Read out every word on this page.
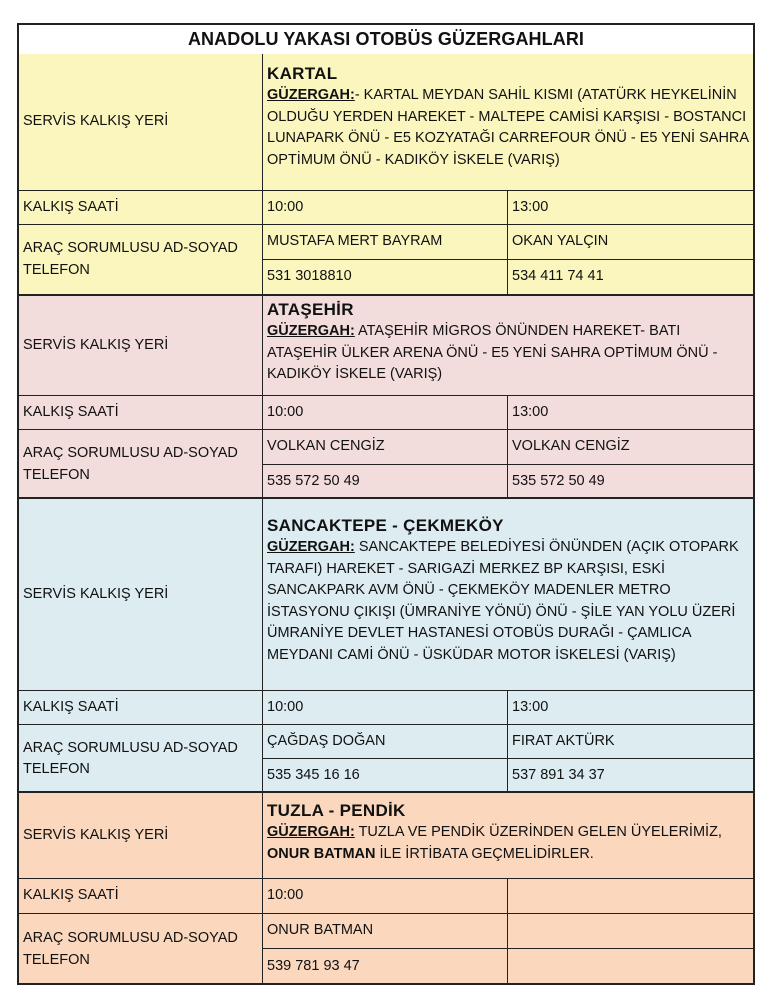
ANADOLU YAKASI OTOBÜS GÜZERGAHLARI
SERVİS KALKIŞ YERİ
KARTAL
GÜZERGAH:- KARTAL MEYDAN SAHİL KISMI (ATATÜRK HEYKELİNİN OLDUĞU YERDEN HAREKET - MALTEPE CAMİSİ KARŞISI - BOSTANCI LUNAPARK ÖNÜ - E5 KOZYATAĞI CARREFOUR ÖNÜ - E5 YENİ SAHRA OPTİMUM ÖNÜ - KADIKÖY İSKELE (VARIŞ)
KALKIŞ SAATİ	10:00	13:00
ARAÇ SORUMLUSU AD-SOYAD
TELEFON
MUSTAFA MERT BAYRAM	OKAN YALÇIN
531 3018810	534 411 74 41
SERVİS KALKIŞ YERİ
ATAŞEHİR
GÜZERGAH: ATAŞEHİR MİGROS ÖNÜNDEN HAREKET- BATI ATAŞEHİR ÜLKER ARENA ÖNÜ - E5 YENİ SAHRA OPTİMUM ÖNÜ - KADIKÖY İSKELE (VARIŞ)
KALKIŞ SAATİ	10:00	13:00
ARAÇ SORUMLUSU AD-SOYAD
TELEFON
VOLKAN CENGİZ	VOLKAN CENGİZ
535 572 50 49	535 572 50 49
SERVİS KALKIŞ YERİ
SANCAKTEPE - ÇEKMEKÖY
GÜZERGAH: SANCAKTEPE BELEDİYESİ ÖNÜNDEN (AÇIK OTOPARK TARAFI) HAREKET - SARIGAZİ MERKEZ BP KARŞISI, ESKİ SANCAKPARK AVM ÖNÜ - ÇEKMEKÖY MADENLER METRO İSTASYONU ÇIKIŞI (ÜMRANİYE YÖNÜ) ÖNÜ - ŞİLE YAN YOLU ÜZERİ ÜMRANİYE DEVLET HASTANESİ OTOBÜS DURAĞI - ÇAMLICA MEYDANI CAMİ ÖNÜ - ÜSKÜDAR MOTOR İSKELESİ (VARIŞ)
KALKIŞ SAATİ	10:00	13:00
ARAÇ SORUMLUSU AD-SOYAD
TELEFON
ÇAĞDAŞ DOĞAN	FIRAT AKTÜRK
535 345 16 16	537 891 34 37
SERVİS KALKIŞ YERİ
TUZLA - PENDİK
GÜZERGAH: TUZLA VE PENDİK ÜZERİNDEN GELEN ÜYELERİMİZ, ONUR BATMAN İLE İRTİBATA GEÇMELİDİRLER.
KALKIŞ SAATİ	10:00
ARAÇ SORUMLUSU AD-SOYAD
TELEFON
ONUR BATMAN
539 781 93 47
